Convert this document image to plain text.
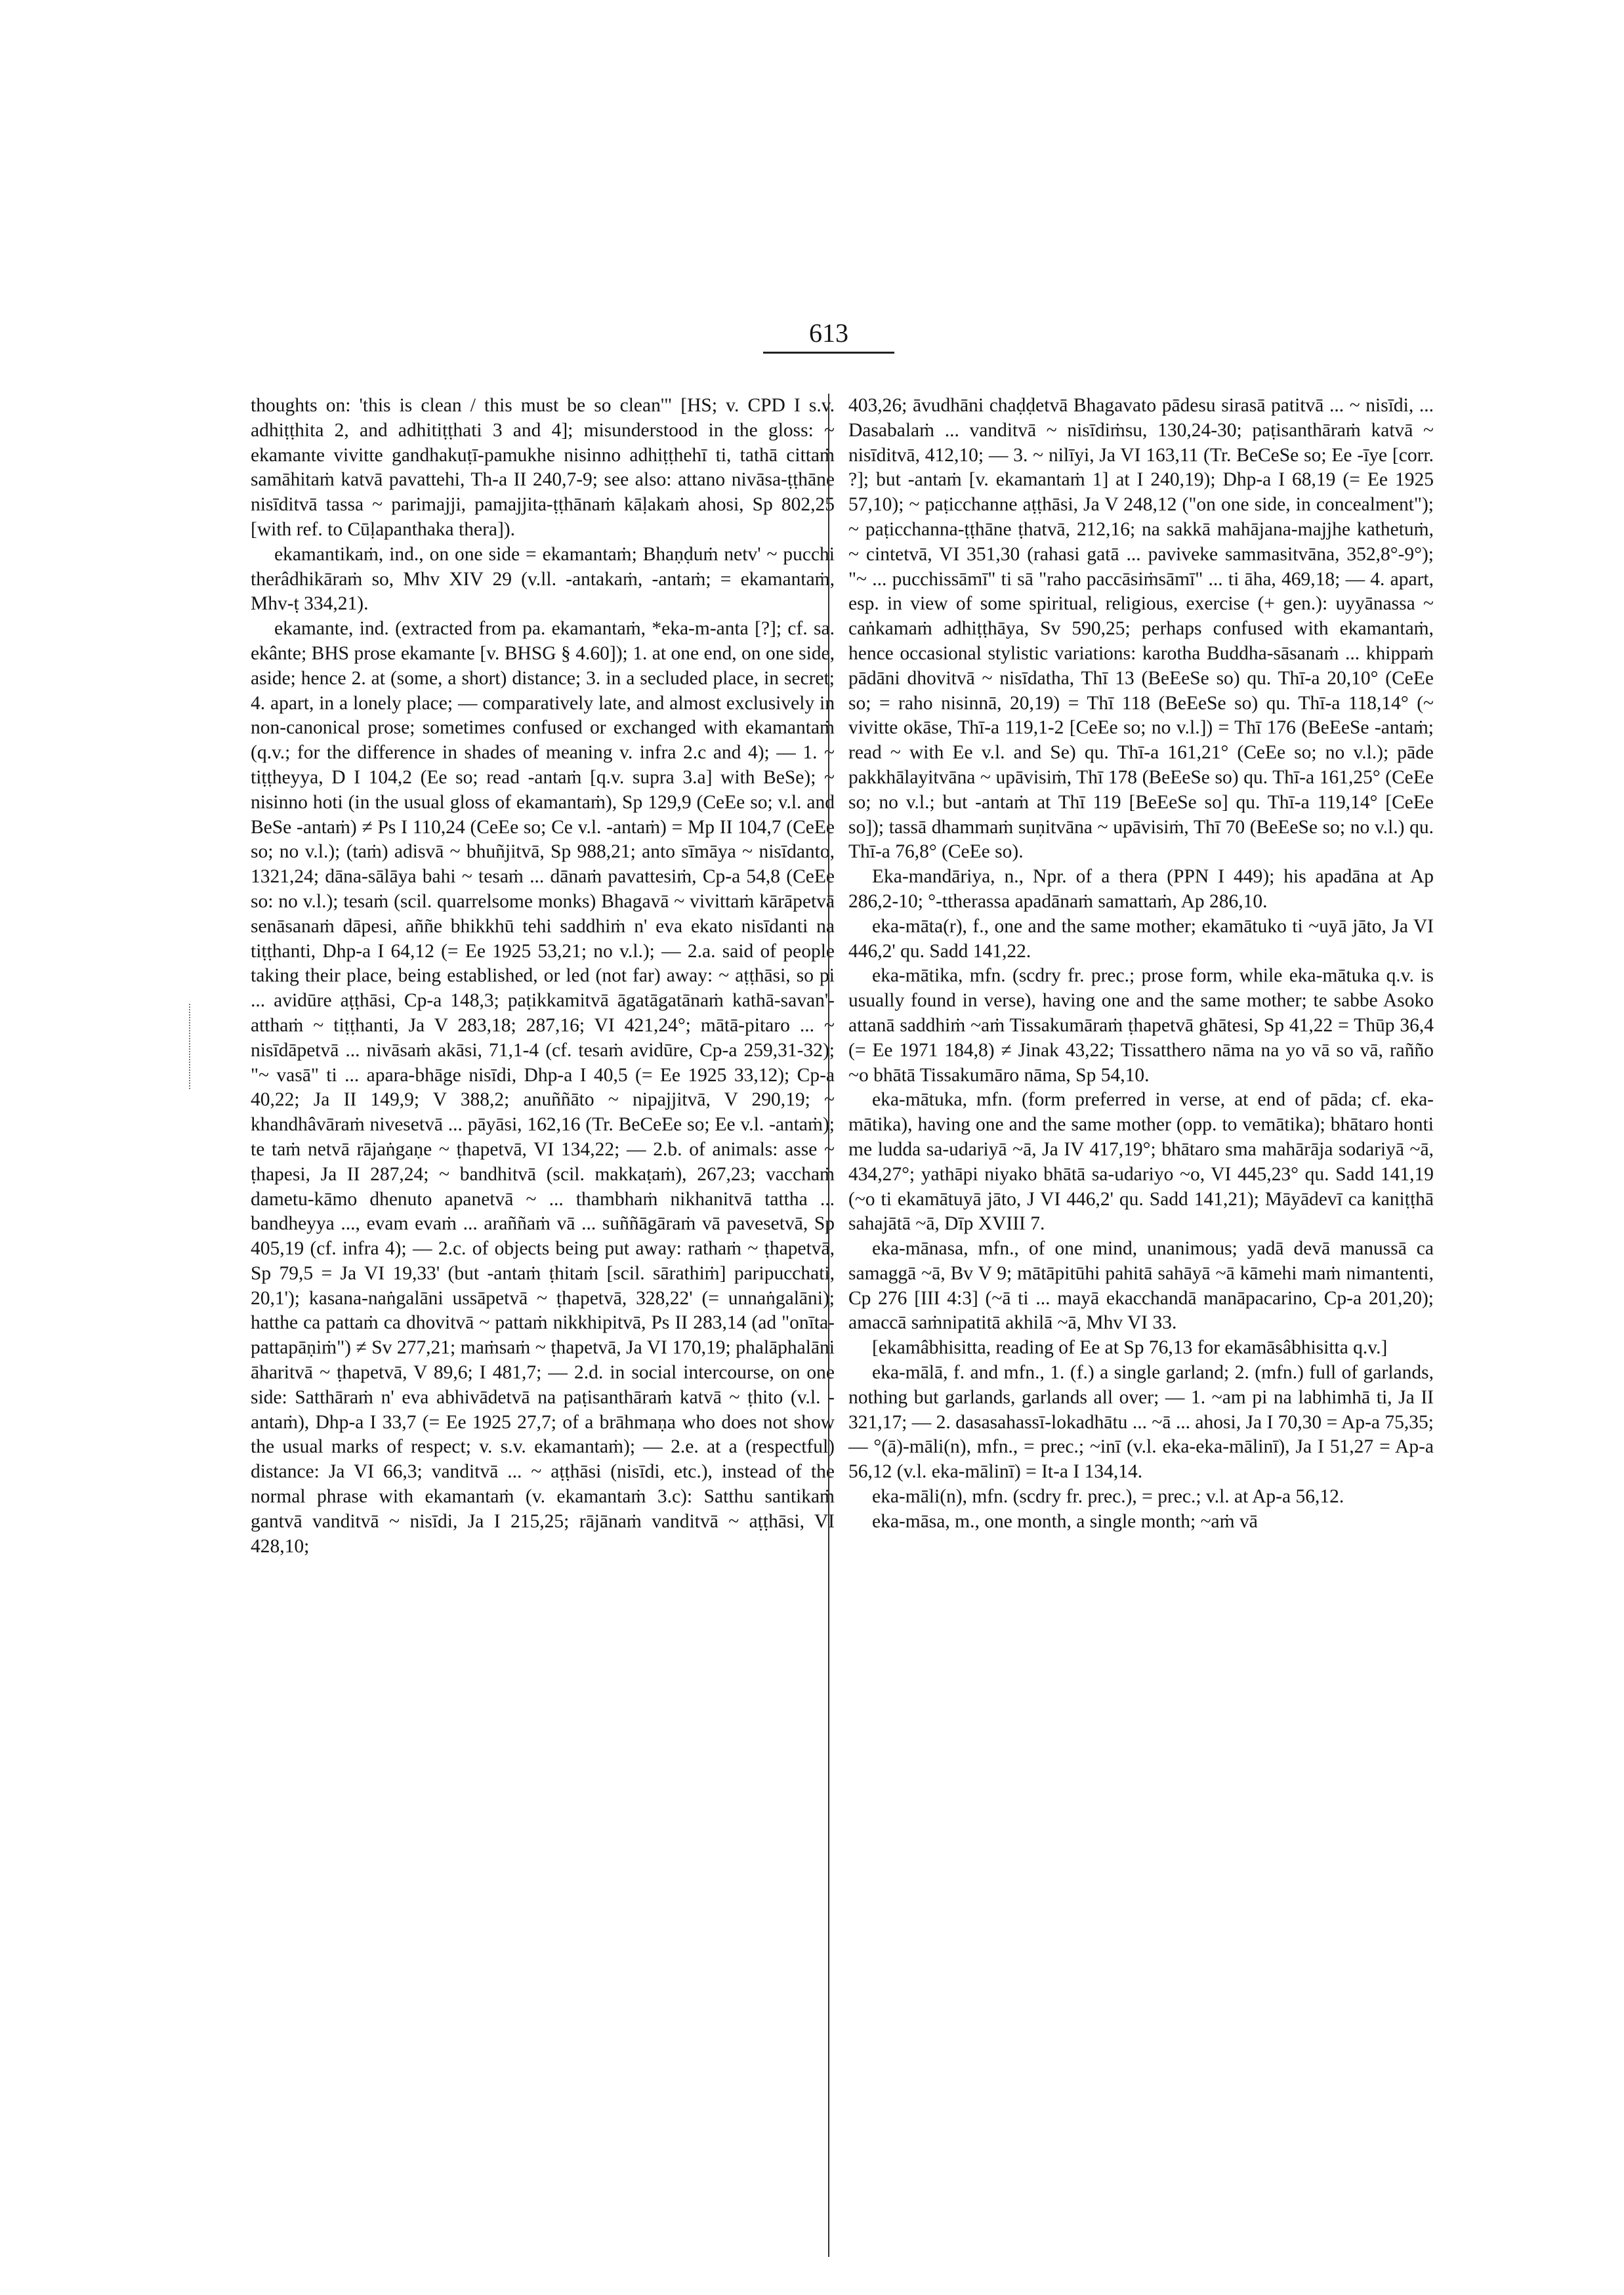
613

thoughts on: 'this is clean / this must be so clean'" [HS; v. CPD I s.v. adhiṭṭhita 2, and adhitiṭṭhati 3 and 4]; misunderstood in the gloss: ~ ekamante vivitte gandhakuṭī-pamukhe nisinno adhiṭṭhehī ti, tathā cittaṁ samāhitaṁ katvā pavattehi, Th-a II 240,7-9; see also: attano nivāsa-ṭṭhāne nisīditvā tassa ~ parimajji, pamajjita-ṭṭhānaṁ kāḷakaṁ ahosi, Sp 802,25 [with ref. to Cūḷapanthaka thera]).

ekamantikaṁ, ind., on one side = ekamantaṁ; Bhaṇḍuṁ netv' ~ pucchi therâdhikāraṁ so, Mhv XIV 29 (v.ll. -antakaṁ, -antaṁ; = ekamantaṁ, Mhv-ṭ 334,21).

ekamante, ind. (extracted from pa. ekamantaṁ, *eka-m-anta [?]; cf. sa. ekânte; BHS prose ekamante [v. BHSG § 4.60]); 1. at one end, on one side, aside; hence 2. at (some, a short) distance; 3. in a secluded place, in secret; 4. apart, in a lonely place; — comparatively late, and almost exclusively in non-canonical prose; sometimes confused or exchanged with ekamantaṁ (q.v.; for the difference in shades of meaning v. infra 2.c and 4); — 1. ~ tiṭṭheyya, D I 104,2 (Ee so; read -antaṁ [q.v. supra 3.a] with BeSe); ~ nisinno hoti (in the usual gloss of ekamantaṁ), Sp 129,9 (CeEe so; v.l. and BeSe -antaṁ) ≠ Ps I 110,24 (CeEe so; Ce v.l. -antaṁ) = Mp II 104,7 (CeEe so; no v.l.); (taṁ) adisvā ~ bhuñjitvā, Sp 988,21; anto sīmāya ~ nisīdanto, 1321,24; dāna-sālāya bahi ~ tesaṁ ... dānaṁ pavattesiṁ, Cp-a 54,8 (CeEe so: no v.l.); tesaṁ (scil. quarrelsome monks) Bhagavā ~ vivittaṁ kārāpetvā senāsanaṁ dāpesi, aññe bhikkhū tehi saddhiṁ n' eva ekato nisīdanti na tiṭṭhanti, Dhp-a I 64,12 (= Ee 1925 53,21; no v.l.); — 2.a. said of people taking their place, being established, or led (not far) away: ~ aṭṭhāsi, so pi ... avidūre aṭṭhāsi, Cp-a 148,3; paṭikkamitvā āgatāgatānaṁ kathā-savan'-atthaṁ ~ tiṭṭhanti, Ja V 283,18; 287,16; VI 421,24°; mātā-pitaro ... ~ nisīdāpetvā ... nivāsaṁ akāsi, 71,1-4 (cf. tesaṁ avidūre, Cp-a 259,31-32); "~ vasā" ti ... apara-bhāge nisīdi, Dhp-a I 40,5 (= Ee 1925 33,12); Cp-a 40,22; Ja II 149,9; V 388,2; anuññāto ~ nipajjitvā, V 290,19; ~ khandhâvāraṁ nivesetvā ... pāyāsi, 162,16 (Tr. BeCeEe so; Ee v.l. -antaṁ); te taṁ netvā rājaṅgaṇe ~ ṭhapetvā, VI 134,22; — 2.b. of animals: asse ~ ṭhapesi, Ja II 287,24; ~ bandhitvā (scil. makkaṭaṁ), 267,23; vacchaṁ dametu-kāmo dhenuto apanetvā ~ ... thambhaṁ nikhanitvā tattha ... bandheyya ..., evam evaṁ ... araññaṁ vā ... suññāgāraṁ vā pavesetvā, Sp 405,19 (cf. infra 4); — 2.c. of objects being put away: rathaṁ ~ ṭhapetvā, Sp 79,5 = Ja VI 19,33' (but -antaṁ ṭhitaṁ [scil. sārathiṁ] paripucchati, 20,1'); kasana-naṅgalāni ussāpetvā ~ ṭhapetvā, 328,22' (= unnaṅgalāni); hatthe ca pattaṁ ca dhovitvā ~ pattaṁ nikkhipitvā, Ps II 283,14 (ad "onīta-pattapāṇiṁ") ≠ Sv 277,21; maṁsaṁ ~ ṭhapetvā, Ja VI 170,19; phalāphalāni āharitvā ~ ṭhapetvā, V 89,6; I 481,7; — 2.d. in social intercourse, on one side: Satthāraṁ n' eva abhivādetvā na paṭisanthāraṁ katvā ~ ṭhito (v.l. -antaṁ), Dhp-a I 33,7 (= Ee 1925 27,7; of a brāhmaṇa who does not show the usual marks of respect; v. s.v. ekamantaṁ); — 2.e. at a (respectful) distance: Ja VI 66,3; vanditvā ... ~ aṭṭhāsi (nisīdi, etc.), instead of the normal phrase with ekamantaṁ (v. ekamantaṁ 3.c): Satthu santikaṁ gantvā vanditvā ~ nisīdi, Ja I 215,25; rājānaṁ vanditvā ~ aṭṭhāsi, VI 428,10;

403,26; āvudhāni chaḍḍetvā Bhagavato pādesu sirasā patitvā ... ~ nisīdi, ... Dasabalaṁ ... vanditvā ~ nisīdiṁsu, 130,24-30; paṭisanthāraṁ katvā ~ nisīditvā, 412,10; — 3. ~ nilīyi, Ja VI 163,11 (Tr. BeCeSe so; Ee -īye [corr. ?]; but -antaṁ [v. ekamantaṁ 1] at I 240,19); Dhp-a I 68,19 (= Ee 1925 57,10); ~ paṭicchanne aṭṭhāsi, Ja V 248,12 ("on one side, in concealment"); ~ paṭicchanna-ṭṭhāne ṭhatvā, 212,16; na sakkā mahājana-majjhe kathetuṁ, ~ cintetvā, VI 351,30 (rahasi gatā ... paviveke sammasitvāna, 352,8°-9°); "~ ... pucchissāmī" ti sā "raho paccāsiṁsāmī" ... ti āha, 469,18; — 4. apart, esp. in view of some spiritual, religious, exercise (+ gen.): uyyānassa ~ caṅkamaṁ adhiṭṭhāya, Sv 590,25; perhaps confused with ekamantaṁ, hence occasional stylistic variations: karotha Buddha-sāsanaṁ ... khippaṁ pādāni dhovitvā ~ nisīdatha, Thī 13 (BeEeSe so) qu. Thī-a 20,10° (CeEe so; = raho nisinnā, 20,19) = Thī 118 (BeEeSe so) qu. Thī-a 118,14° (~ vivitte okāse, Thī-a 119,1-2 [CeEe so; no v.l.]) = Thī 176 (BeEeSe -antaṁ; read ~ with Ee v.l. and Se) qu. Thī-a 161,21° (CeEe so; no v.l.); pāde pakkhālayitvāna ~ upāvisiṁ, Thī 178 (BeEeSe so) qu. Thī-a 161,25° (CeEe so; no v.l.; but -antaṁ at Thī 119 [BeEeSe so] qu. Thī-a 119,14° [CeEe so]); tassā dhammaṁ suṇitvāna ~ upāvisiṁ, Thī 70 (BeEeSe so; no v.l.) qu. Thī-a 76,8° (CeEe so).

Eka-mandāriya, n., Npr. of a thera (PPN I 449); his apadāna at Ap 286,2-10; °-ttherassa apadānaṁ samattaṁ, Ap 286,10.

eka-māta(r), f., one and the same mother; ekamātuko ti ~uyā jāto, Ja VI 446,2' qu. Sadd 141,22.

eka-mātika, mfn. (scdry fr. prec.; prose form, while eka-mātuka q.v. is usually found in verse), having one and the same mother; te sabbe Asoko attanā saddhiṁ ~aṁ Tissakumāraṁ ṭhapetvā ghātesi, Sp 41,22 = Thūp 36,4 (= Ee 1971 184,8) ≠ Jinak 43,22; Tissatthero nāma na yo vā so vā, rañño ~o bhātā Tissakumāro nāma, Sp 54,10.

eka-mātuka, mfn. (form preferred in verse, at end of pāda; cf. eka-mātika), having one and the same mother (opp. to vemātika); bhātaro honti me ludda sa-udariyā ~ā, Ja IV 417,19°; bhātaro sma mahārāja sodariyā ~ā, 434,27°; yathāpi niyako bhātā sa-udariyo ~o, VI 445,23° qu. Sadd 141,19 (~o ti ekamātuyā jāto, J VI 446,2' qu. Sadd 141,21); Māyādevī ca kaniṭṭhā sahajātā ~ā, Dīp XVIII 7.

eka-mānasa, mfn., of one mind, unanimous; yadā devā manussā ca samaggā ~ā, Bv V 9; mātāpitūhi pahitā sahāyā ~ā kāmehi maṁ nimantenti, Cp 276 [III 4:3] (~ā ti ... mayā ekacchandā manāpacarino, Cp-a 201,20); amaccā saṁnipatitā akhilā ~ā, Mhv VI 33.

[ekamâbhisitta, reading of Ee at Sp 76,13 for ekamāsâbhisitta q.v.]

eka-mālā, f. and mfn., 1. (f.) a single garland; 2. (mfn.) full of garlands, nothing but garlands, garlands all over; — 1. ~am pi na labhimhā ti, Ja II 321,17; — 2. dasasahassī-lokadhātu ... ~ā ... ahosi, Ja I 70,30 = Ap-a 75,35; — °(ā)-māli(n), mfn., = prec.; ~inī (v.l. eka-eka-mālinī), Ja I 51,27 = Ap-a 56,12 (v.l. eka-mālinī) = It-a I 134,14.

eka-māli(n), mfn. (scdry fr. prec.), = prec.; v.l. at Ap-a 56,12.

eka-māsa, m., one month, a single month; ~aṁ vā
